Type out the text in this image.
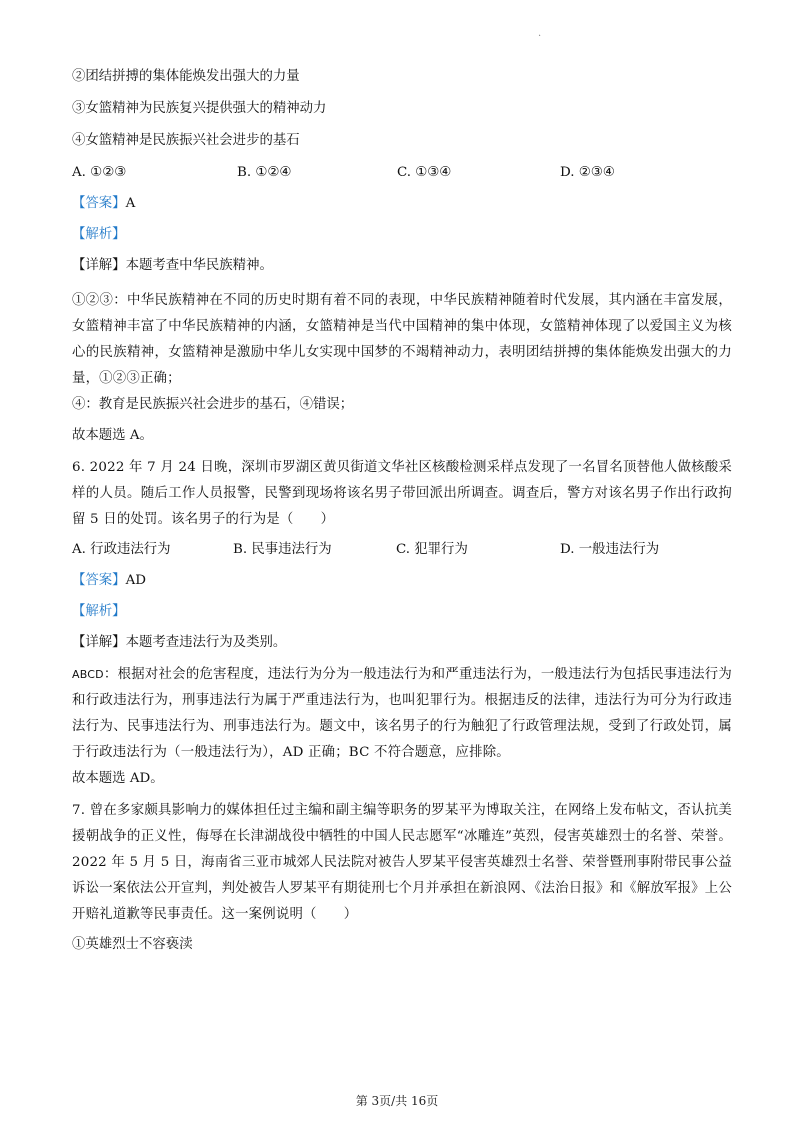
.

②团结拼搏的集体能焕发出强大的力量

③女篮精神为民族复兴提供强大的精神动力

④女篮精神是民族振兴社会进步的基石

A. ①②③	B. ①②④	C. ①③④	D. ②③④

【答案】A

【解析】

【详解】本题考查中华民族精神。

①②③：中华民族精神在不同的历史时期有着不同的表现，中华民族精神随着时代发展，其内涵在丰富发展，女篮精神丰富了中华民族精神的内涵，女篮精神是当代中国精神的集中体现，女篮精神体现了以爱国主义为核心的民族精神，女篮精神是激励中华儿女实现中国梦的不竭精神动力，表明团结拼搏的集体能焕发出强大的力量，①②③正确；

④：教育是民族振兴社会进步的基石，④错误；

故本题选 A。

6. 2022 年 7 月 24 日晚，深圳市罗湖区黄贝街道文华社区核酸检测采样点发现了一名冒名顶替他人做核酸采样的人员。随后工作人员报警，民警到现场将该名男子带回派出所调查。调查后，警方对该名男子作出行政拘留 5 日的处罚。该名男子的行为是（　　）

A. 行政违法行为	B. 民事违法行为	C. 犯罪行为	D. 一般违法行为

【答案】AD

【解析】

【详解】本题考查违法行为及类别。

ABCD：根据对社会的危害程度，违法行为分为一般违法行为和严重违法行为，一般违法行为包括民事违法行为和行政违法行为，刑事违法行为属于严重违法行为，也叫犯罪行为。根据违反的法律，违法行为可分为行政违法行为、民事违法行为、刑事违法行为。题文中，该名男子的行为触犯了行政管理法规，受到了行政处罚，属于行政违法行为（一般违法行为），AD 正确；BC 不符合题意，应排除。

故本题选 AD。

7. 曾在多家颇具影响力的媒体担任过主编和副主编等职务的罗某平为博取关注，在网络上发布帖文，否认抗美援朝战争的正义性，侮辱在长津湖战役中牺牲的中国人民志愿军“冰雕连”英烈，侵害英雄烈士的名誉、荣誉。2022 年 5 月 5 日，海南省三亚市城郊人民法院对被告人罗某平侵害英雄烈士名誉、荣誉暨刑事附带民事公益诉讼一案依法公开宣判，判处被告人罗某平有期徒刑七个月并承担在新浪网、《法治日报》和《解放军报》上公开赔礼道歉等民事责任。这一案例说明（　　）

①英雄烈士不容亵渎

第 3页/共 16页
